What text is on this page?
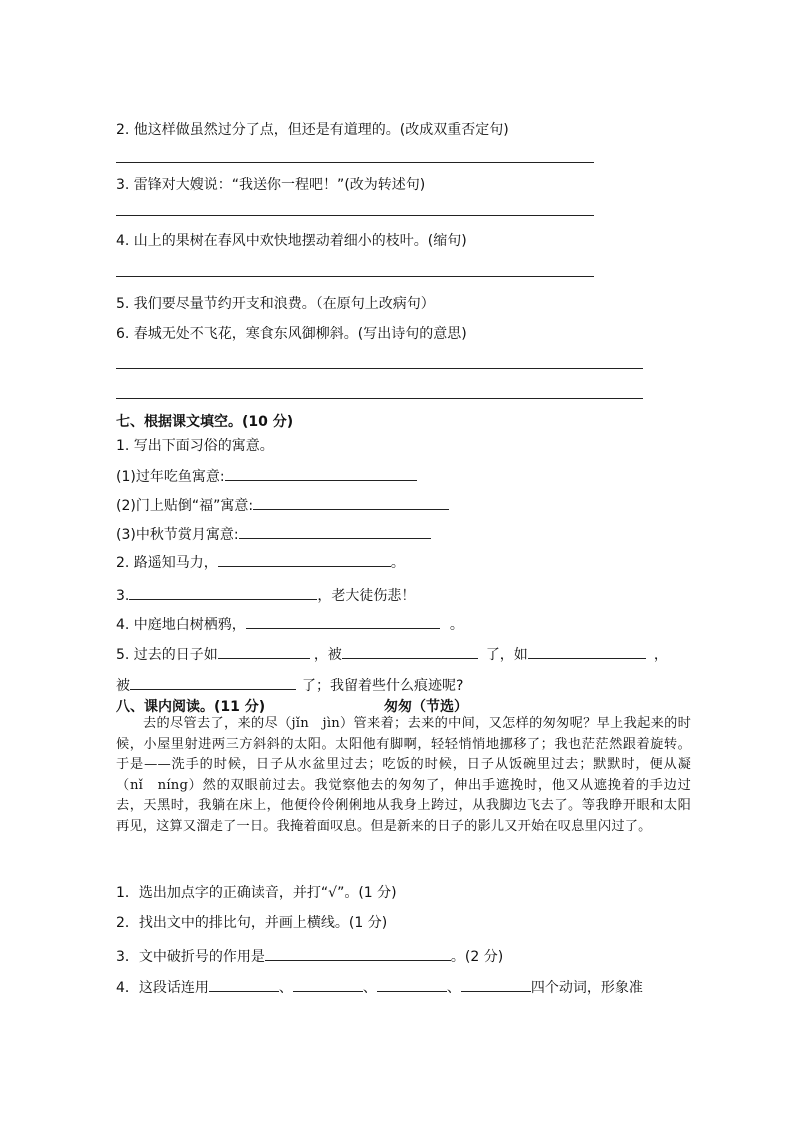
2. 他这样做虽然过分了点，但还是有道理的。(改成双重否定句)
3. 雷锋对大嫂说：“我送你一程吧！”(改为转述句)
4. 山上的果树在春风中欢快地摆动着细小的枝叶。(缩句)
5. 我们要尽量节约开支和浪费。（在原句上改病句）
6. 春城无处不飞花，寒食东风御柳斜。(写出诗句的意思)
七、根据课文填空。(10 分)
1. 写出下面习俗的寓意。
(1)过年吃鱼寓意:
(2)门上贴倒“福”寓意:
(3)中秋节赏月寓意:
2. 路遥知马力，	。
3.	，老大徒伤悲！
4. 中庭地白树栖鸦，	。
5. 过去的日子如	，被	了，如	，
被	了；我留着些什么痕迹呢?
八、课内阅读。(11 分)	匆匆（节选）
去的尽管去了，来的尽（jǐn　jìn）管来着；去来的中间，又怎样的匆匆呢？早上我起来的时候，小屋里射进两三方斜斜的太阳。太阳他有脚啊，轻轻悄悄地挪移了；我也茫茫然跟着旋转。于是——洗手的时候，日子从水盆里过去；吃饭的时候，日子从饭碗里过去；默默时，便从凝（nǐ　níng）然的双眼前过去。我觉察他去的匆匆了，伸出手遮挽时，他又从遮挽着的手边过去，天黑时，我躺在床上，他便伶伶俐俐地从我身上跨过，从我脚边飞去了。等我睁开眼和太阳再见，这算又溜走了一日。我掩着面叹息。但是新来的日子的影儿又开始在叹息里闪过了。
1．选出加点字的正确读音，并打“√”。(1 分)
2．找出文中的排比句，并画上横线。(1 分)
3．文中破折号的作用是	。(2 分)
4．这段话连用	、	、	、	四个动词，形象准
